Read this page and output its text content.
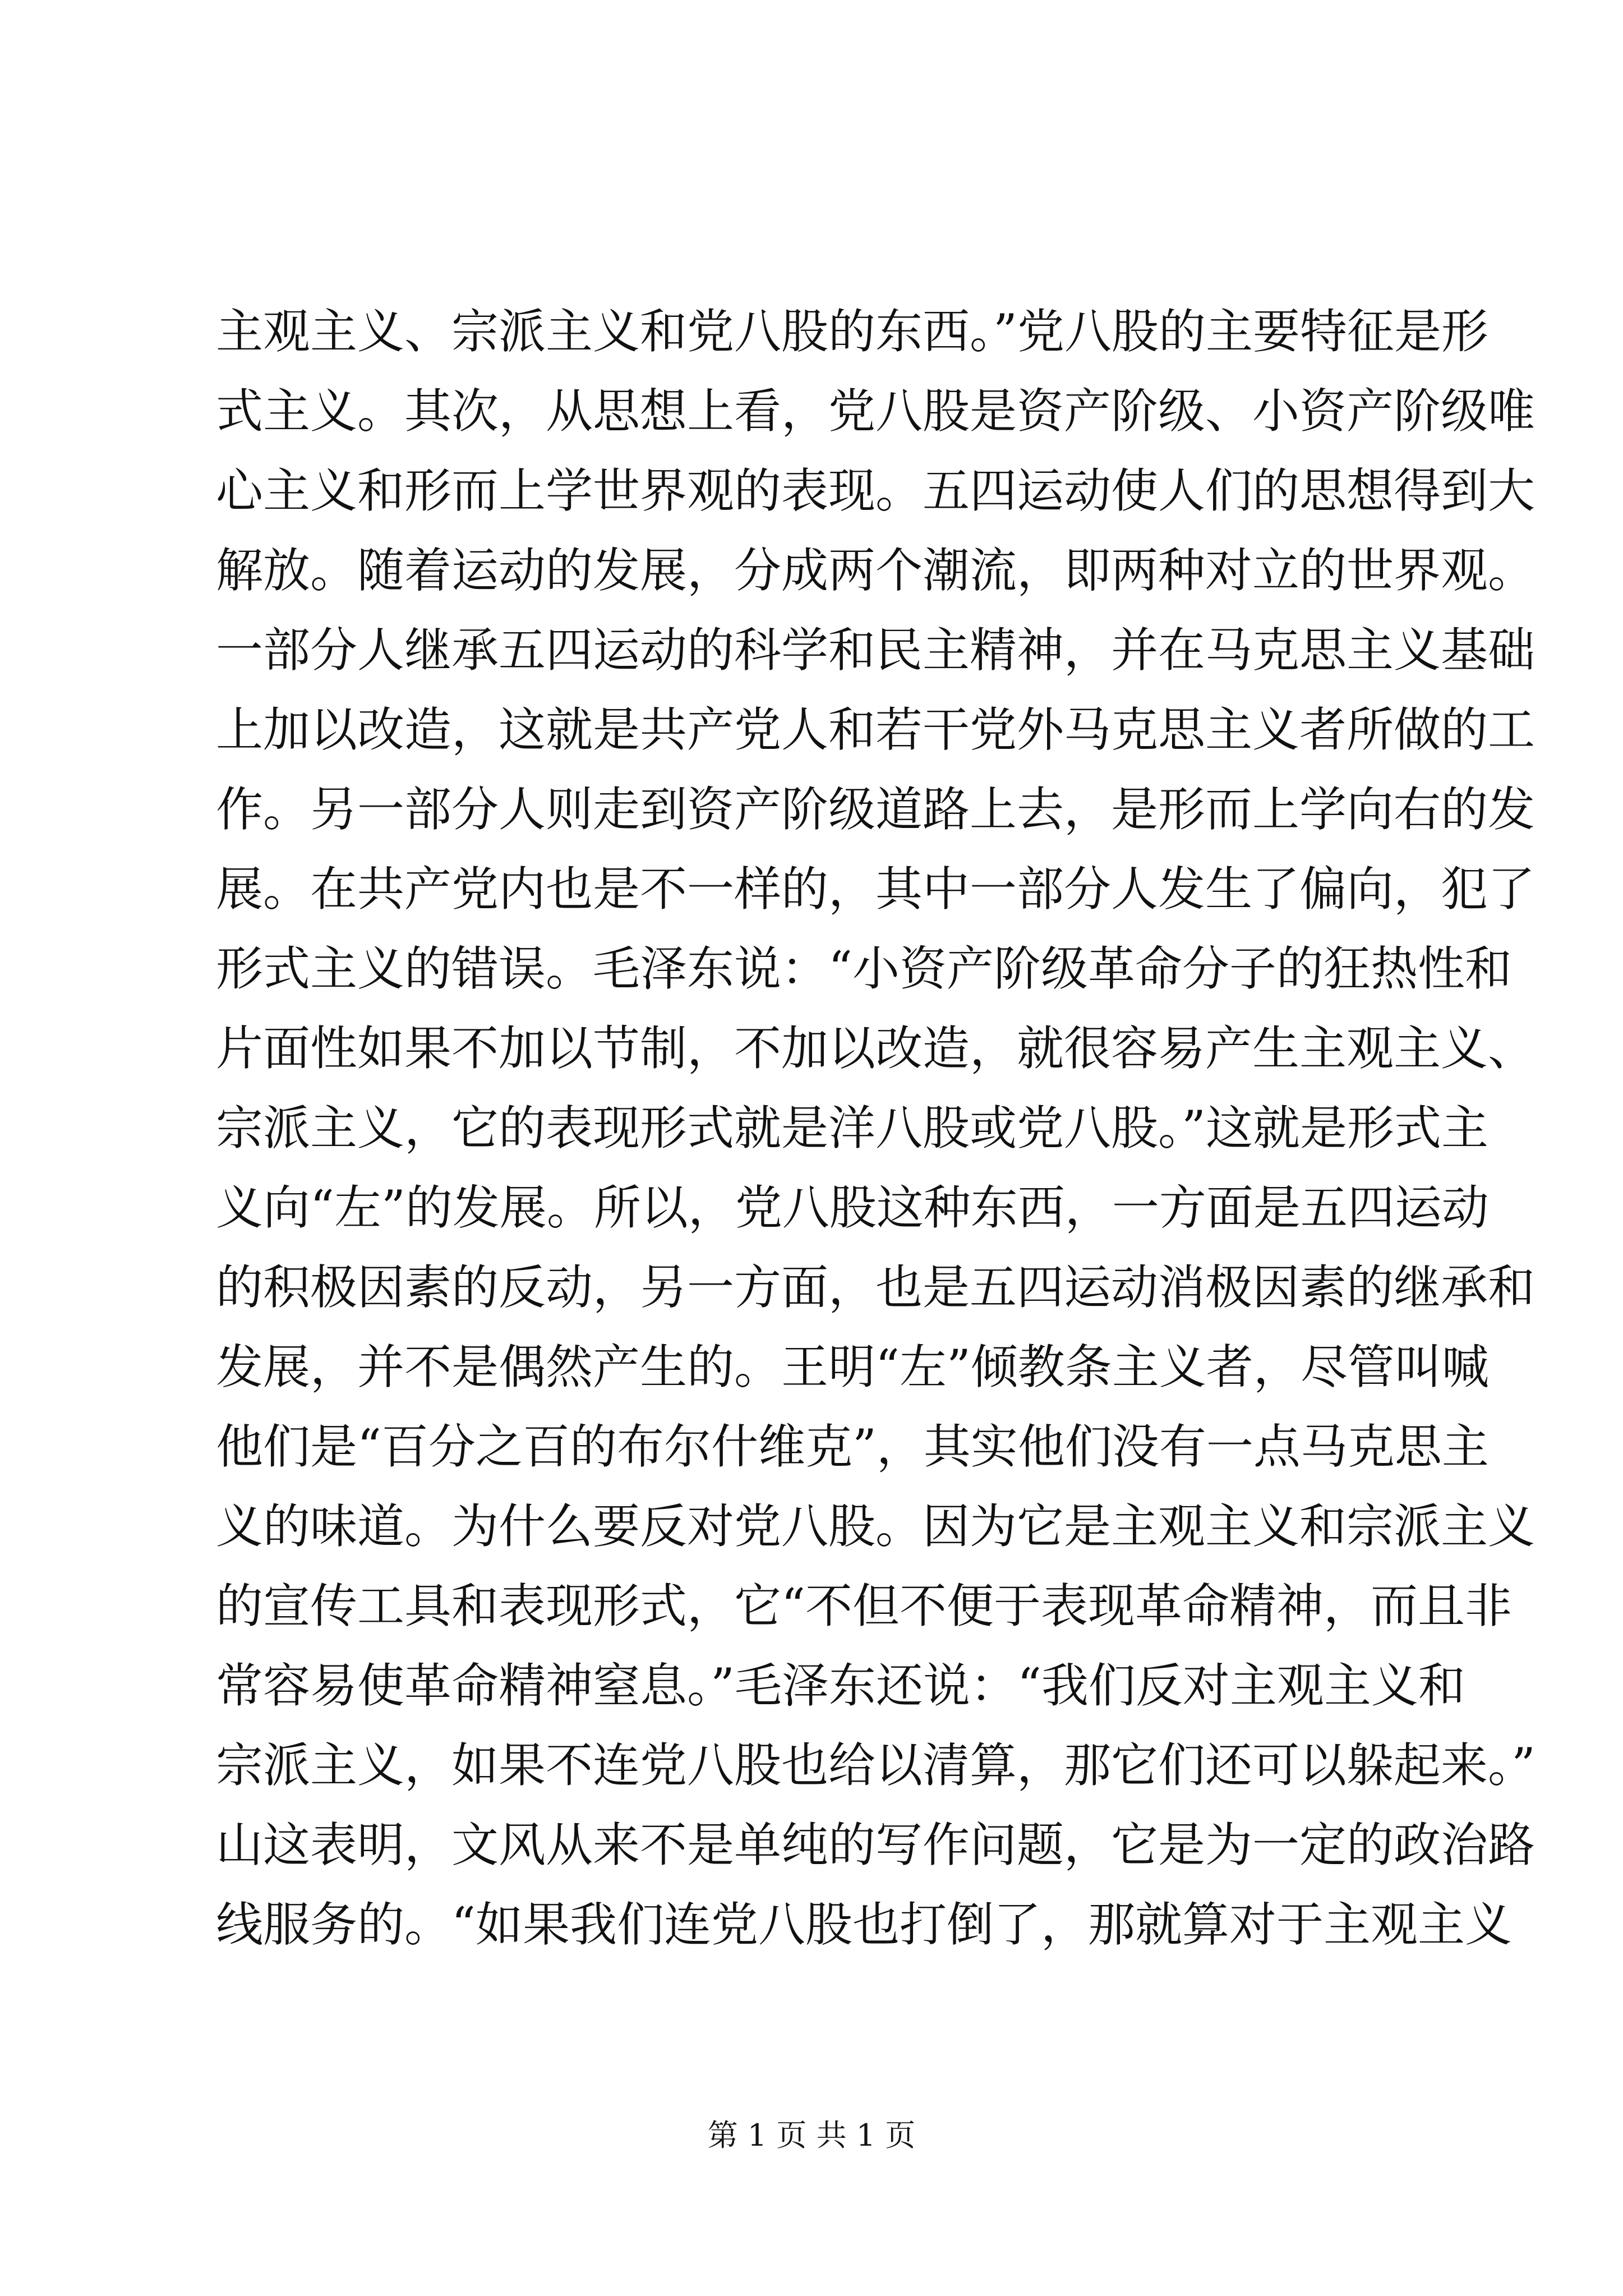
主观主义、宗派主义和党八股的东西。”党八股的主要特征是形
式主义。其次，从思想上看，党八股是资产阶级、小资产阶级唯
心主义和形而上学世界观的表现。五四运动使人们的思想得到大
解放。随着运动的发展，分成两个潮流，即两种对立的世界观。
一部分人继承五四运动的科学和民主精神，并在马克思主义基础
上加以改造，这就是共产党人和若干党外马克思主义者所做的工
作。另一部分人则走到资产阶级道路上去，是形而上学向右的发
展。在共产党内也是不一样的，其中一部分人发生了偏向，犯了
形式主义的错误。毛泽东说：“小资产阶级革命分子的狂热性和
片面性如果不加以节制，不加以改造，就很容易产生主观主义、
宗派主义，它的表现形式就是洋八股或党八股。”这就是形式主
义向“左”的发展。所以，党八股这种东西，一方面是五四运动
的积极因素的反动，另一方面，也是五四运动消极因素的继承和
发展，并不是偶然产生的。王明“左”倾教条主义者，尽管叫喊
他们是“百分之百的布尔什维克”，其实他们没有一点马克思主
义的味道。为什么要反对党八股。因为它是主观主义和宗派主义
的宣传工具和表现形式，它“不但不便于表现革命精神，而且非
常容易使革命精神窒息。”毛泽东还说：“我们反对主观主义和
宗派主义，如果不连党八股也给以清算，那它们还可以躲起来。”
山这表明，文风从来不是单纯的写作问题，它是为一定的政治路
线服务的。“如果我们连党八股也打倒了，那就算对于主观主义
第 1 页 共 1 页
